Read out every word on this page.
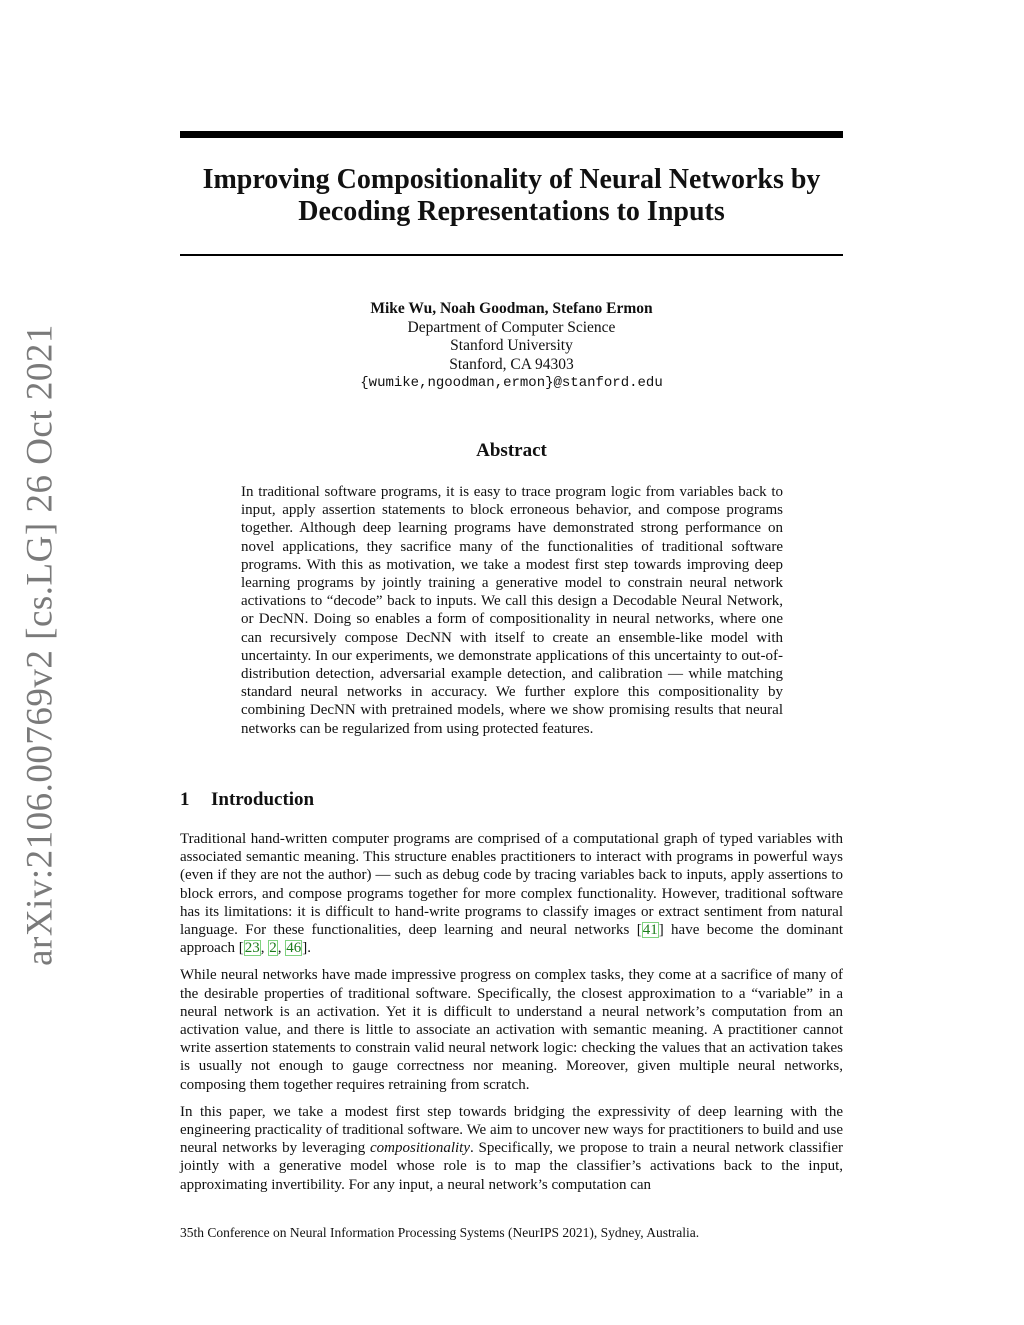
arXiv:2106.00769v2 [cs.LG] 26 Oct 2021
Improving Compositionality of Neural Networks by
Decoding Representations to Inputs
Mike Wu, Noah Goodman, Stefano Ermon
Department of Computer Science
Stanford University
Stanford, CA 94303
{wumike,ngoodman,ermon}@stanford.edu
Abstract

In traditional software programs, it is easy to trace program logic from variables back to input, apply assertion statements to block erroneous behavior, and compose programs together. Although deep learning programs have demonstrated strong performance on novel applications, they sacrifice many of the functionalities of traditional software programs. With this as motivation, we take a modest first step towards improving deep learning programs by jointly training a generative model to constrain neural network activations to “decode” back to inputs. We call this design a Decodable Neural Network, or DecNN. Doing so enables a form of compositionality in neural networks, where one can recursively compose DecNN with itself to create an ensemble-like model with uncertainty. In our experiments, we demonstrate applications of this uncertainty to out-of-distribution detection, adversarial example detection, and calibration — while matching standard neural networks in accuracy. We further explore this compositionality by combining DecNN with pretrained models, where we show promising results that neural networks can be regularized from using protected features.

1 Introduction

Traditional hand-written computer programs are comprised of a computational graph of typed variables with associated semantic meaning. This structure enables practitioners to interact with programs in powerful ways (even if they are not the author) — such as debug code by tracing variables back to inputs, apply assertions to block errors, and compose programs together for more complex functionality. However, traditional software has its limitations: it is difficult to hand-write programs to classify images or extract sentiment from natural language. For these functionalities, deep learning and neural networks [41] have become the dominant approach [23, 2, 46].

While neural networks have made impressive progress on complex tasks, they come at a sacrifice of many of the desirable properties of traditional software. Specifically, the closest approximation to a “variable” in a neural network is an activation. Yet it is difficult to understand a neural network’s computation from an activation value, and there is little to associate an activation with semantic meaning. A practitioner cannot write assertion statements to constrain valid neural network logic: checking the values that an activation takes is usually not enough to gauge correctness nor meaning. Moreover, given multiple neural networks, composing them together requires retraining from scratch.

In this paper, we take a modest first step towards bridging the expressivity of deep learning with the engineering practicality of traditional software. We aim to uncover new ways for practitioners to build and use neural networks by leveraging compositionality. Specifically, we propose to train a neural network classifier jointly with a generative model whose role is to map the classifier’s activations back to the input, approximating invertibility. For any input, a neural network’s computation can

35th Conference on Neural Information Processing Systems (NeurIPS 2021), Sydney, Australia.
